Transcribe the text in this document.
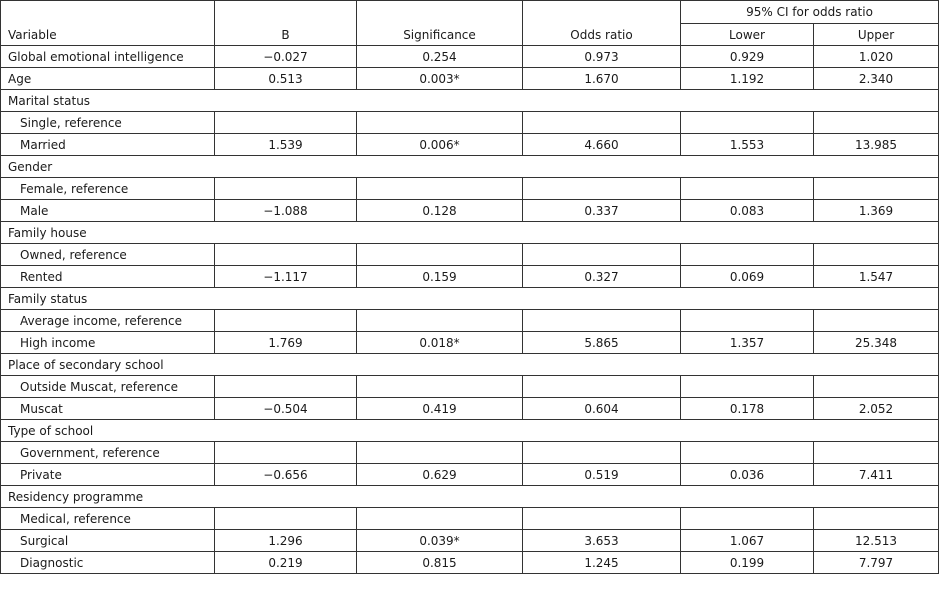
Variable	B	Significance	Odds ratio	95% CI for odds ratio	
				Lower	Upper
Global emotional intelligence	−0.027	0.254	0.973	0.929	1.020
Age	0.513	0.003*	1.670	1.192	2.340
Marital status					
Single, reference					
Married	1.539	0.006*	4.660	1.553	13.985
Gender					
Female, reference					
Male	−1.088	0.128	0.337	0.083	1.369
Family house					
Owned, reference					
Rented	−1.117	0.159	0.327	0.069	1.547
Family status					
Average income, reference					
High income	1.769	0.018*	5.865	1.357	25.348
Place of secondary school					
Outside Muscat, reference					
Muscat	−0.504	0.419	0.604	0.178	2.052
Type of school					
Government, reference					
Private	−0.656	0.629	0.519	0.036	7.411
Residency programme					
Medical, reference					
Surgical	1.296	0.039*	3.653	1.067	12.513
Diagnostic	0.219	0.815	1.245	0.199	7.797
